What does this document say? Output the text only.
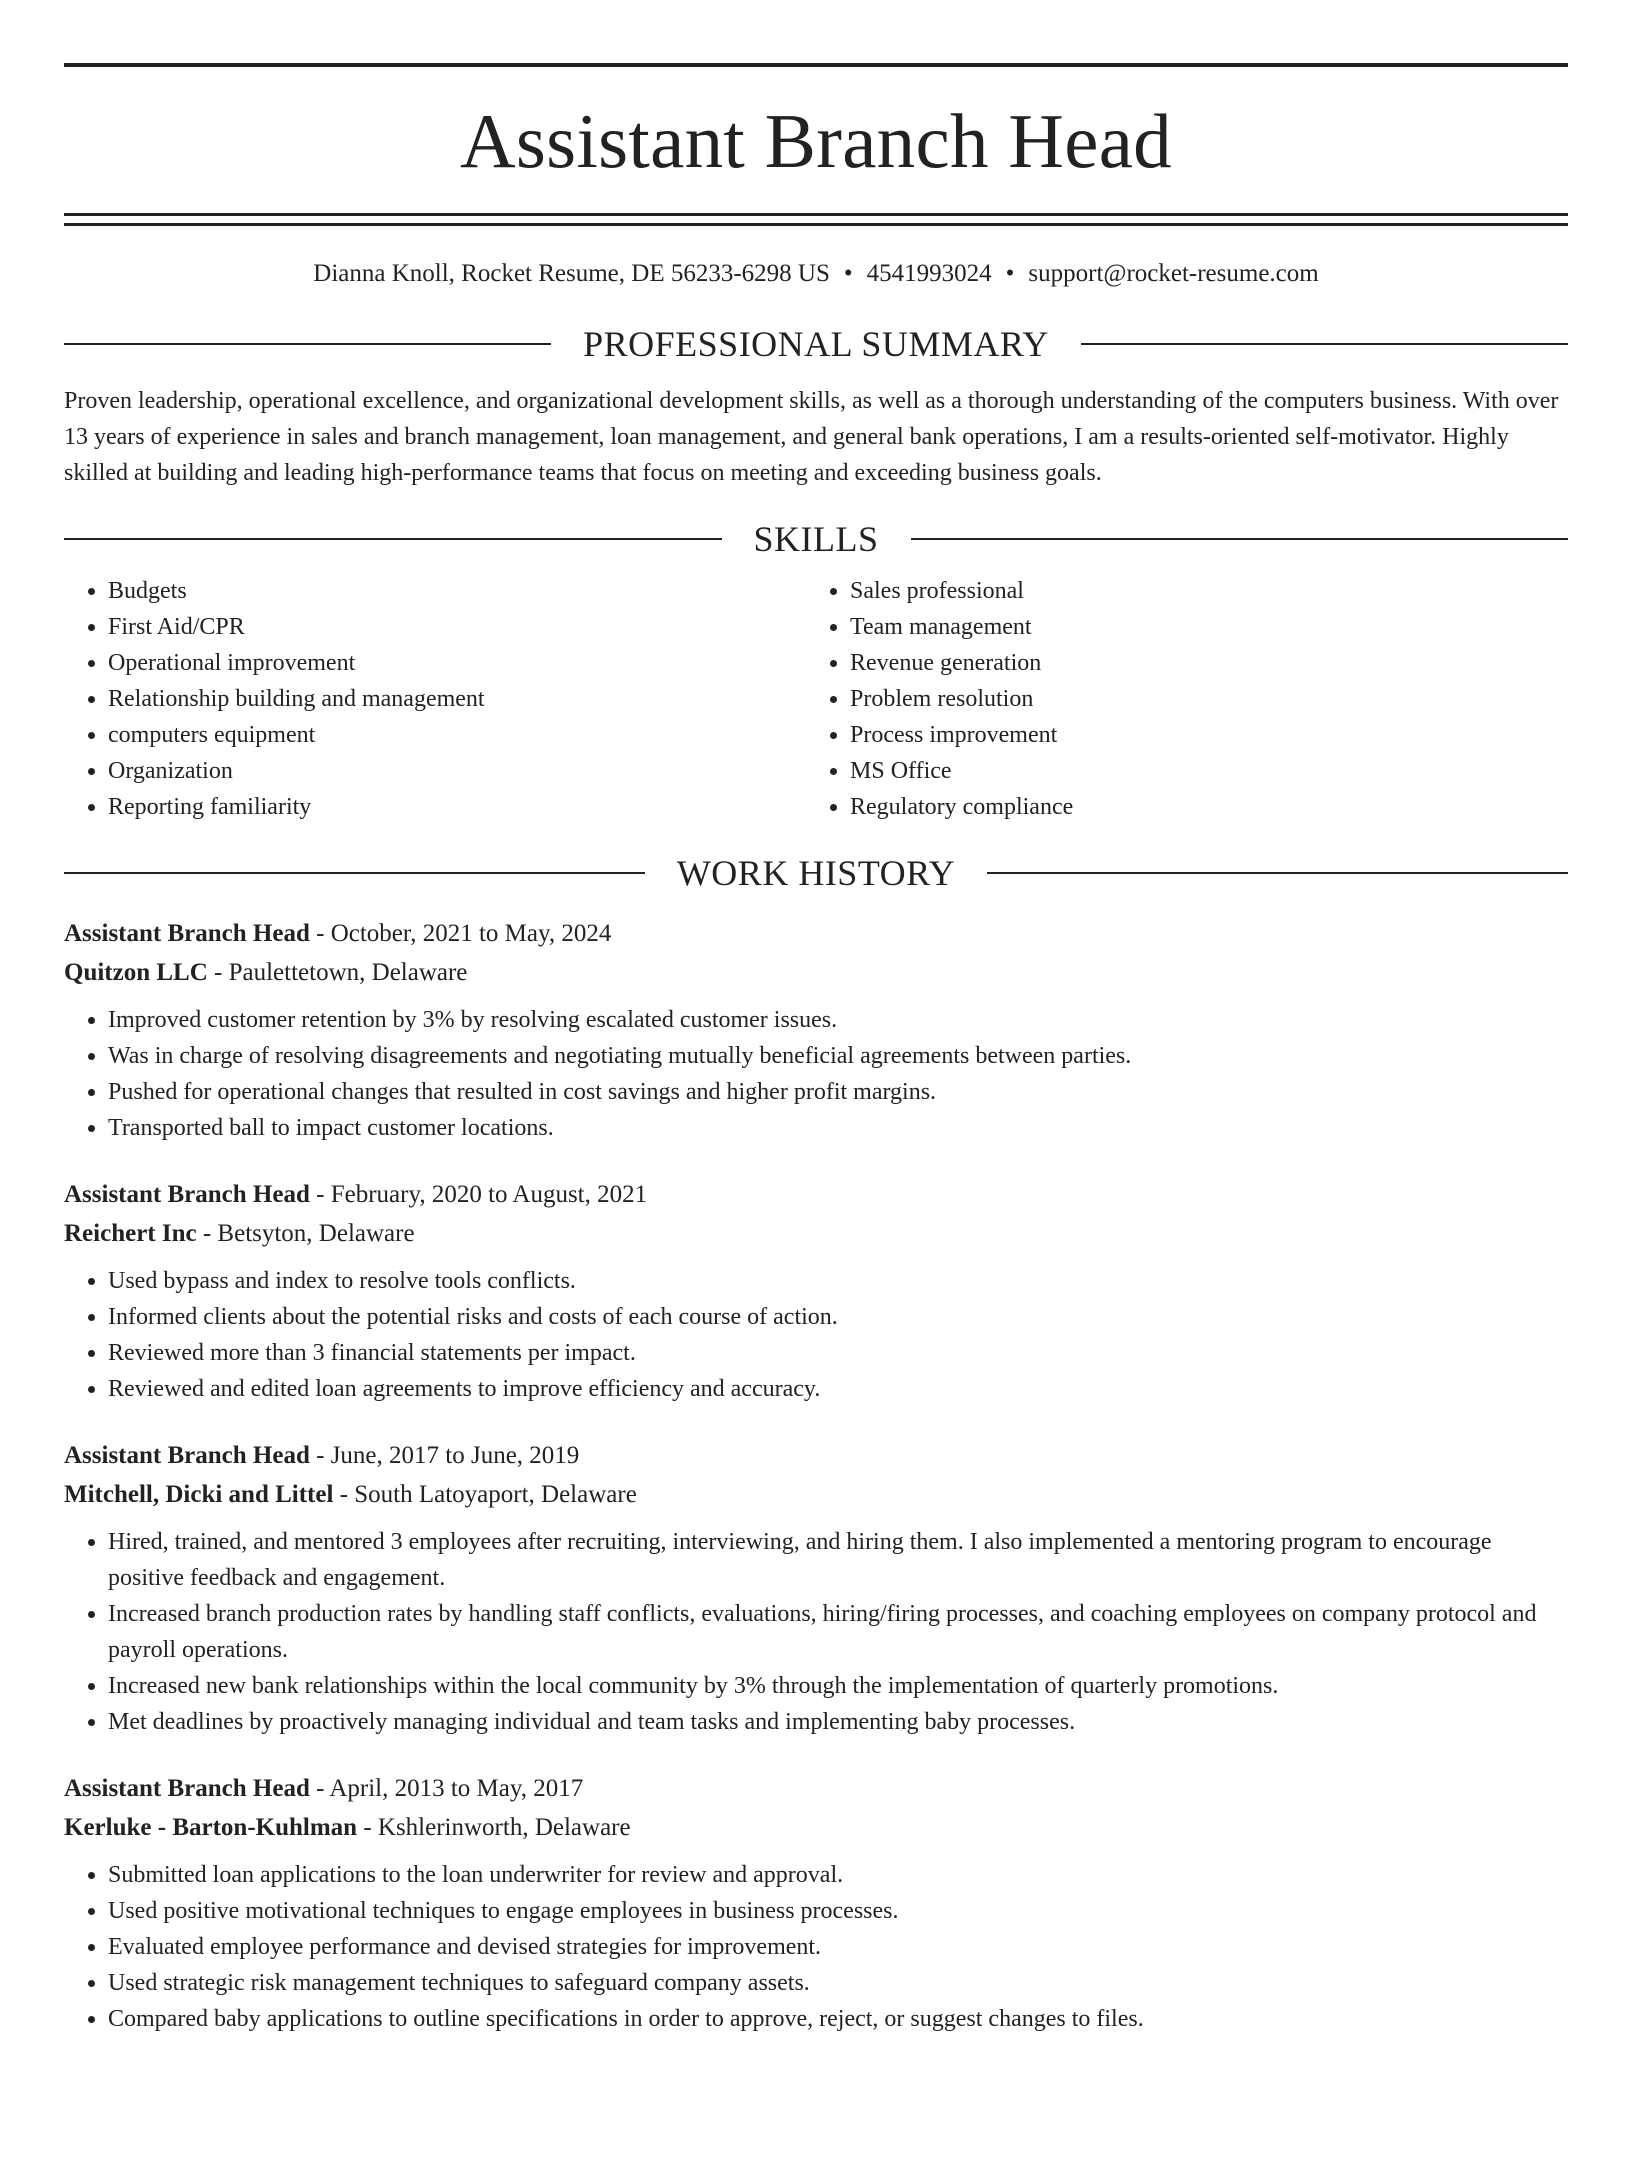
Assistant Branch Head
Dianna Knoll, Rocket Resume, DE 56233-6298 US • 4541993024 • support@rocket-resume.com
PROFESSIONAL SUMMARY
Proven leadership, operational excellence, and organizational development skills, as well as a thorough understanding of the computers business. With over 13 years of experience in sales and branch management, loan management, and general bank operations, I am a results-oriented self-motivator. Highly skilled at building and leading high-performance teams that focus on meeting and exceeding business goals.
SKILLS
• Budgets
• First Aid/CPR
• Operational improvement
• Relationship building and management
• computers equipment
• Organization
• Reporting familiarity
• Sales professional
• Team management
• Revenue generation
• Problem resolution
• Process improvement
• MS Office
• Regulatory compliance
WORK HISTORY
Assistant Branch Head - October, 2021 to May, 2024
Quitzon LLC - Paulettetown, Delaware
• Improved customer retention by 3% by resolving escalated customer issues.
• Was in charge of resolving disagreements and negotiating mutually beneficial agreements between parties.
• Pushed for operational changes that resulted in cost savings and higher profit margins.
• Transported ball to impact customer locations.
Assistant Branch Head - February, 2020 to August, 2021
Reichert Inc - Betsyton, Delaware
• Used bypass and index to resolve tools conflicts.
• Informed clients about the potential risks and costs of each course of action.
• Reviewed more than 3 financial statements per impact.
• Reviewed and edited loan agreements to improve efficiency and accuracy.
Assistant Branch Head - June, 2017 to June, 2019
Mitchell, Dicki and Littel - South Latoyaport, Delaware
• Hired, trained, and mentored 3 employees after recruiting, interviewing, and hiring them. I also implemented a mentoring program to encourage positive feedback and engagement.
• Increased branch production rates by handling staff conflicts, evaluations, hiring/firing processes, and coaching employees on company protocol and payroll operations.
• Increased new bank relationships within the local community by 3% through the implementation of quarterly promotions.
• Met deadlines by proactively managing individual and team tasks and implementing baby processes.
Assistant Branch Head - April, 2013 to May, 2017
Kerluke - Barton-Kuhlman - Kshlerinworth, Delaware
• Submitted loan applications to the loan underwriter for review and approval.
• Used positive motivational techniques to engage employees in business processes.
• Evaluated employee performance and devised strategies for improvement.
• Used strategic risk management techniques to safeguard company assets.
• Compared baby applications to outline specifications in order to approve, reject, or suggest changes to files.
